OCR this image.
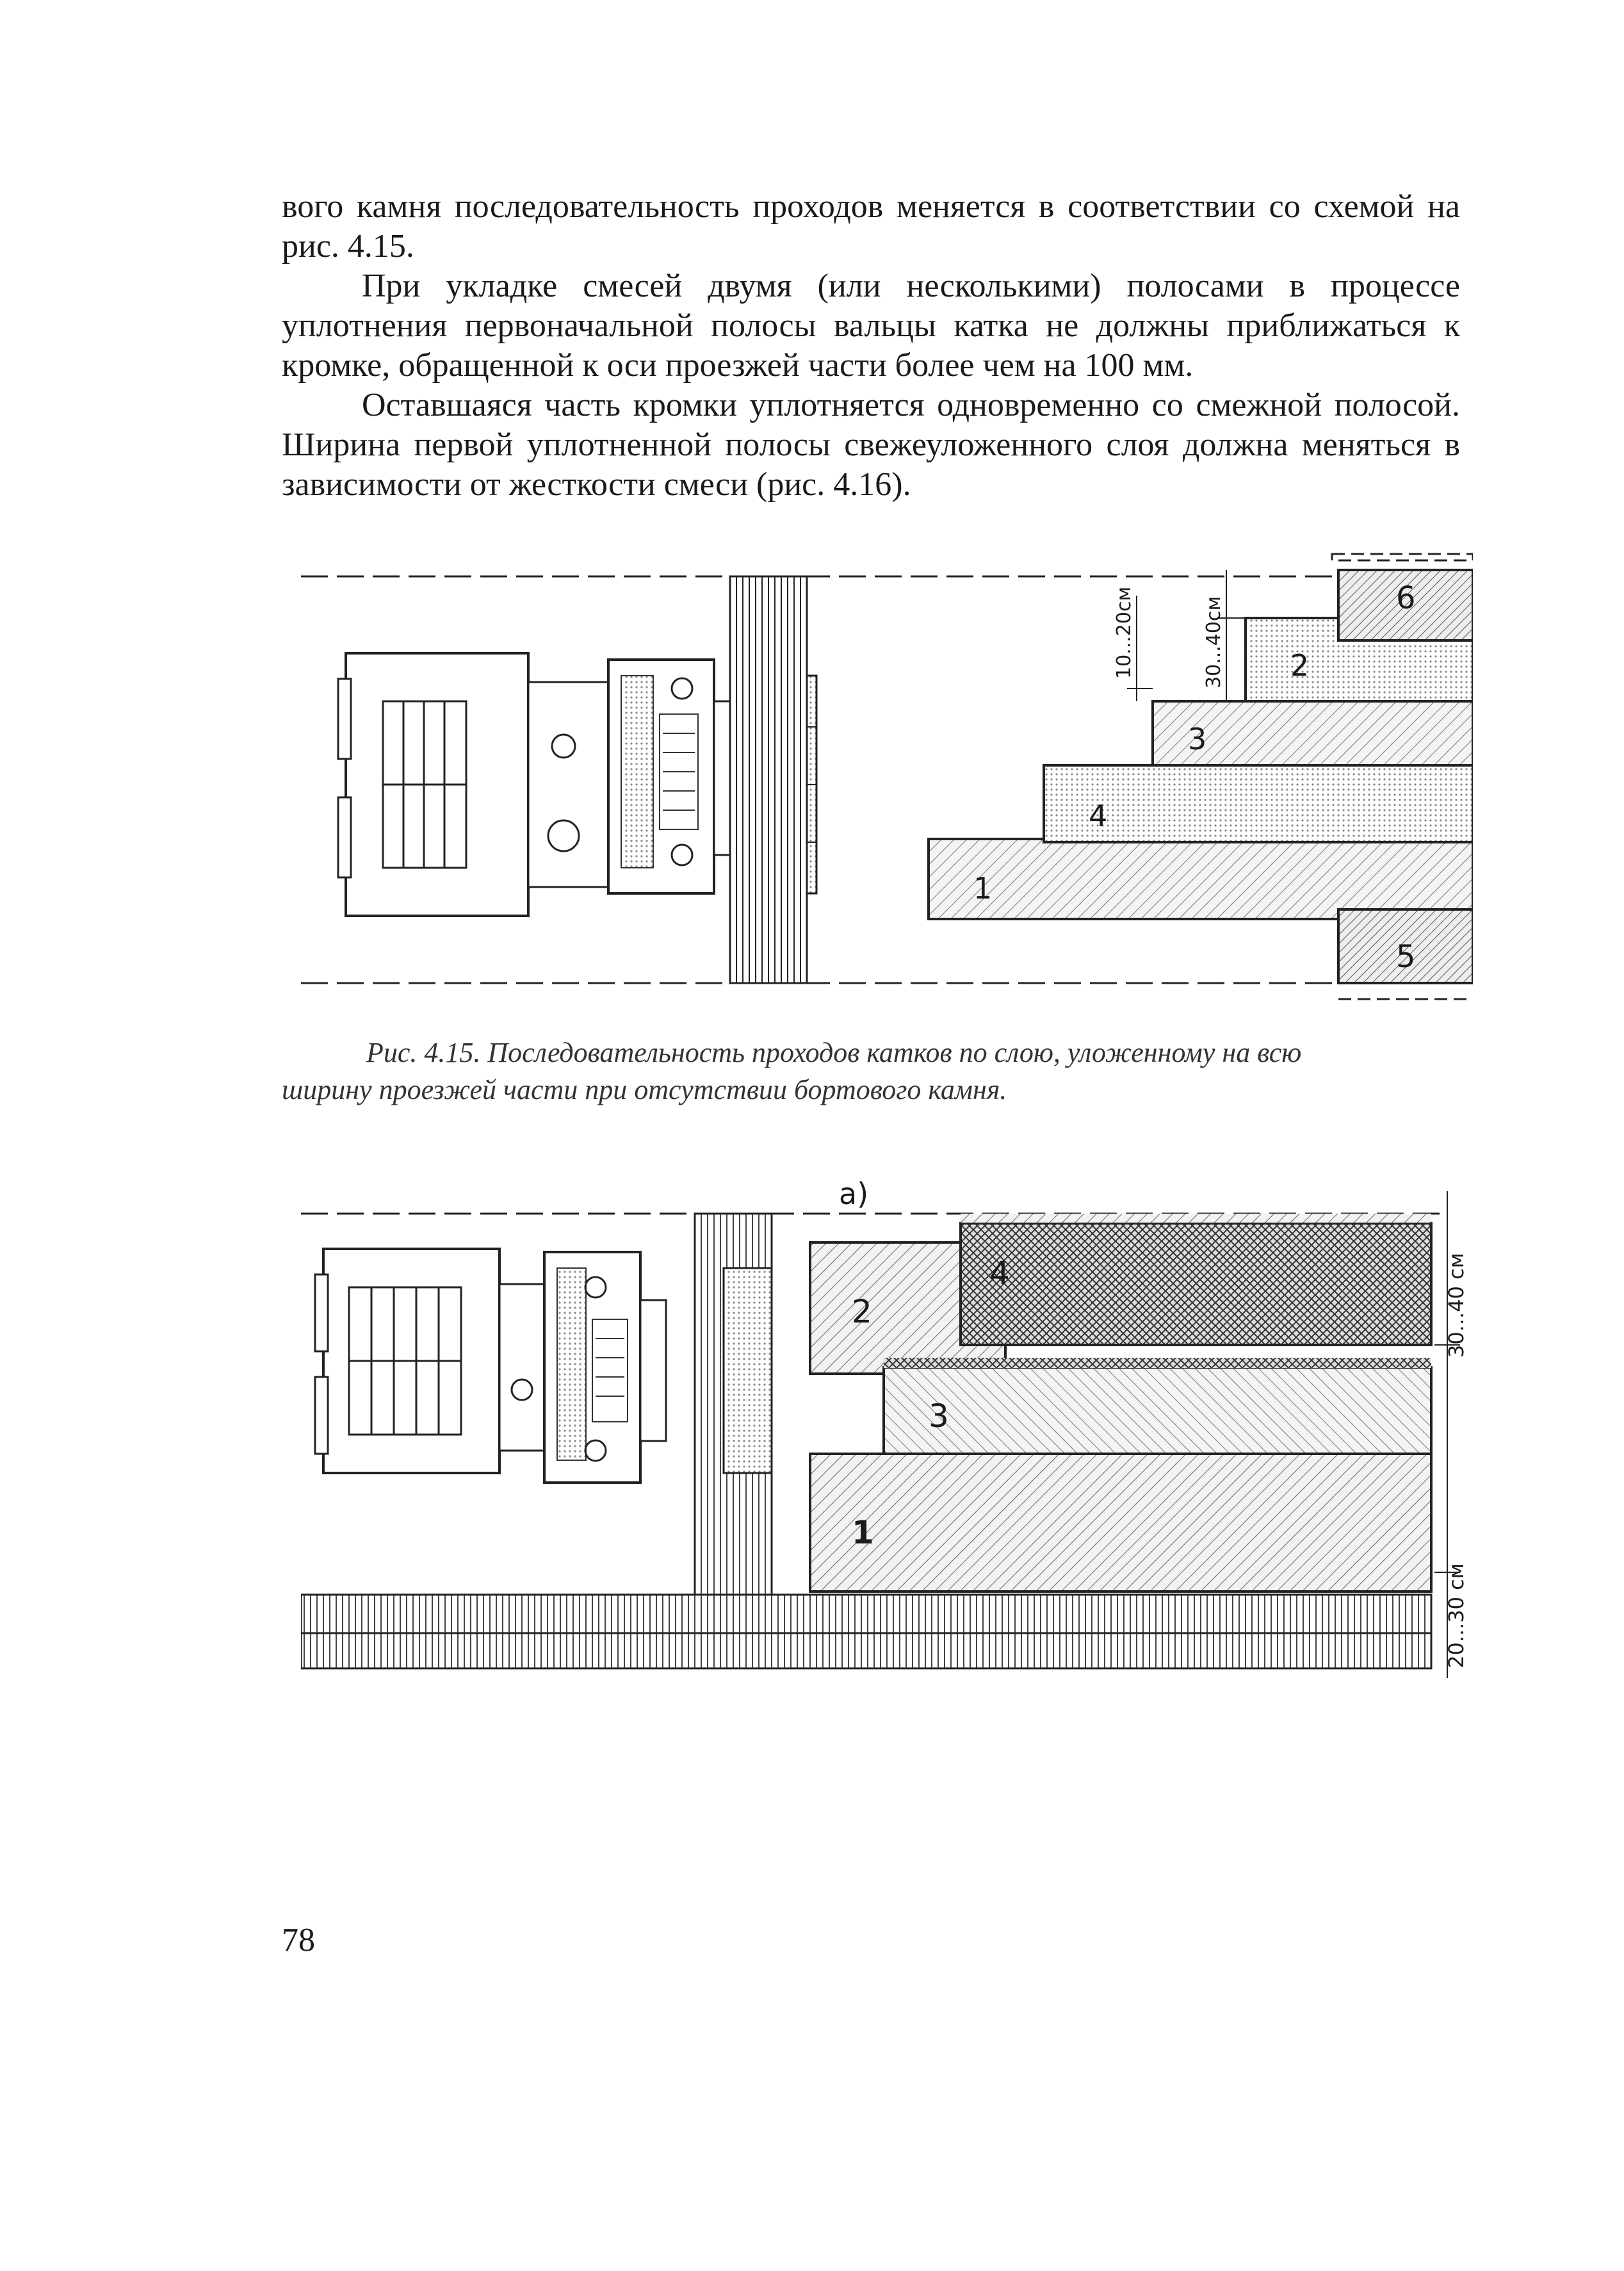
вого камня последовательность проходов меняется в соответствии со схемой на рис. 4.15.

При укладке смесей двумя (или несколькими) полосами в процессе уплотнения первоначальной полосы вальцы катка не должны приближаться к кромке, обращенной к оси проезжей части более чем на 100 мм.

Оставшаяся часть кромки уплотняется одновременно со смежной полосой. Ширина первой уплотненной полосы свежеуложенного слоя должна меняться в зависимости от жесткости смеси (рис. 4.16).

1
4
3
2
6
5
10...20см	30...40см
Рис. 4.15. Последовательность проходов катков по слою, уложенному на всю
ширину проезжей части при отсутствии бортового камня.
а)
2
4
3
1
30...40 см
20...30 см
78
